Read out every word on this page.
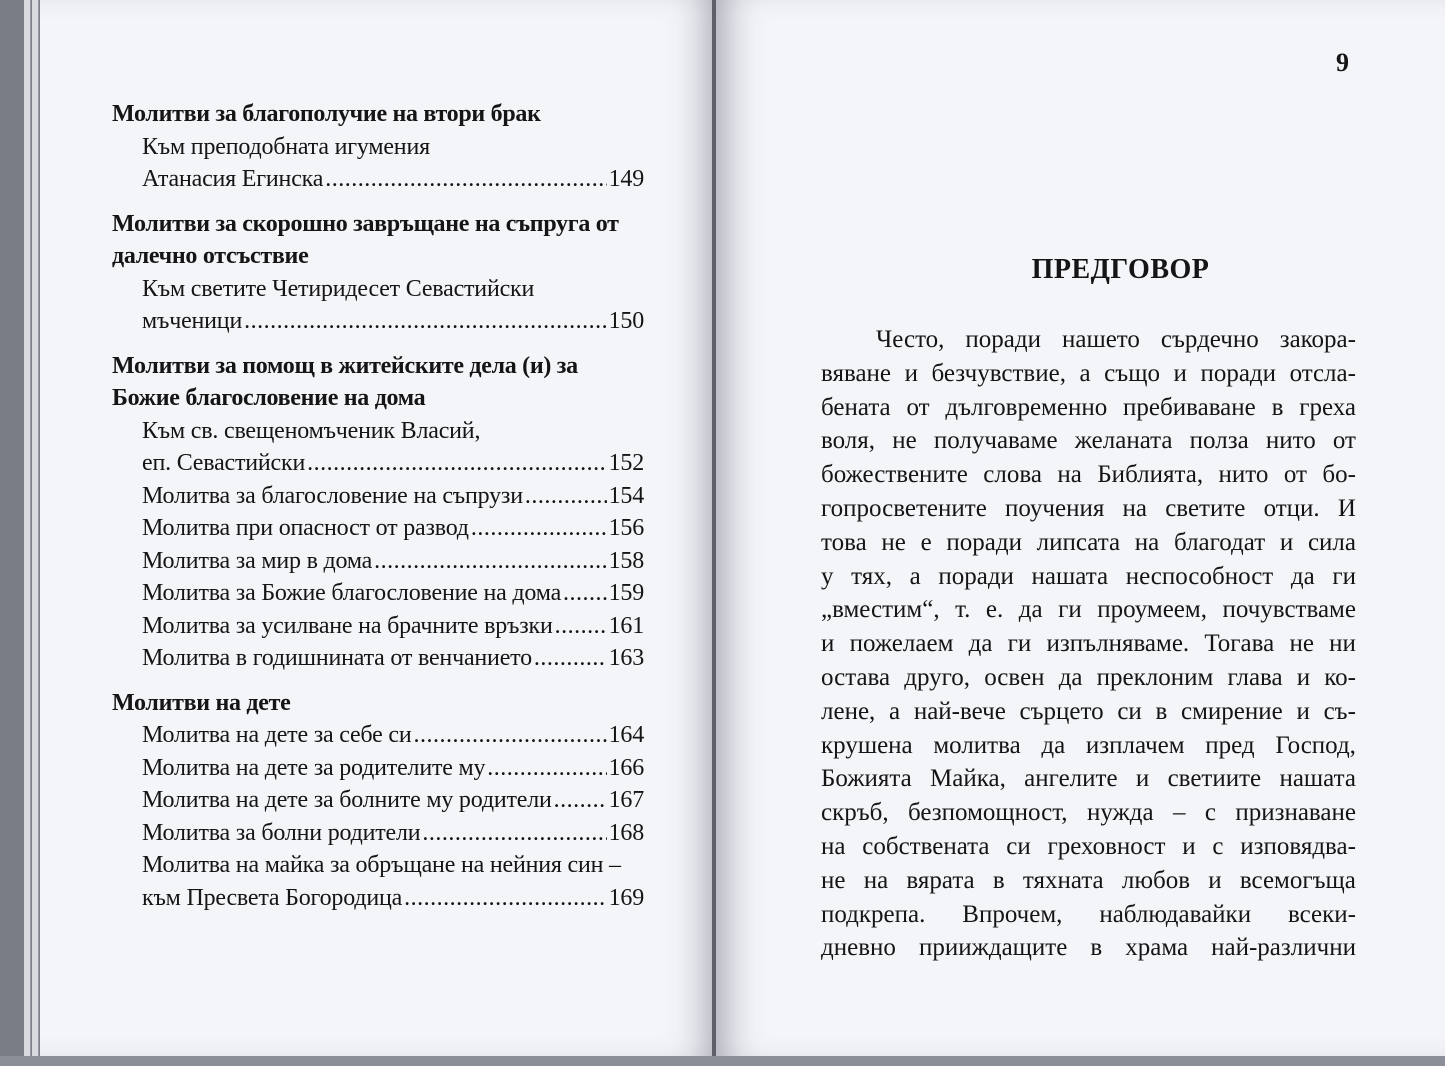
Молитви за благополучие на втори брак
Към преподобната игумения
Атанасия Егинска .....	149
Молитви за скорошно завръщане на съпруга от
далечно отсъствие
Към светите Четиридесет Севастийски
мъченици .....	150
Молитви за помощ в житейските дела (и) за
Божие благословение на дома
Към св. свещеномъченик Власий,
еп. Севастийски .....	152
Молитва за благословение на съпрузи .....	154
Молитва при опасност от развод .....	156
Молитва за мир в дома .....	158
Молитва за Божие благословение на дома ..... 159
Молитва за усилване на брачните връзки ..... 161
Молитва в годишнината от венчанието .....	163
Молитви на дете
Молитва на дете за себе си .....	164
Молитва на дете за родителите му .....	166
Молитва на дете за болните му родители ..... 167
Молитва за болни родители .....	168
Молитва на майка за обръщане на нейния син –
към Пресвета Богородица .....	169
9
ПРЕДГОВОР
Често, поради нашето сърдечно закора-
вяване и безчувствие, а също и поради отсла-
бената от дълговременно пребиваване в греха
воля, не получаваме желаната полза нито от
божествените слова на Библията, нито от бо-
гопросветените поучения на светите отци. И
това не е поради липсата на благодат и сила
у тях, а поради нашата неспособност да ги
„вместим“, т. е. да ги проумеем, почувстваме
и пожелаем да ги изпълняваме. Тогава не ни
остава друго, освен да преклоним глава и ко-
лене, а най-вече сърцето си в смирение и съ-
крушена молитва да изплачем пред Господ,
Божията Майка, ангелите и светиите нашата
скръб, безпомощност, нужда – с признаване
на собствената си греховност и с изповядва-
не на вярата в тяхната любов и всемогъща
подкрепа. Впрочем, наблюдавайки всеки-
дневно прииждащите в храма най-различни
